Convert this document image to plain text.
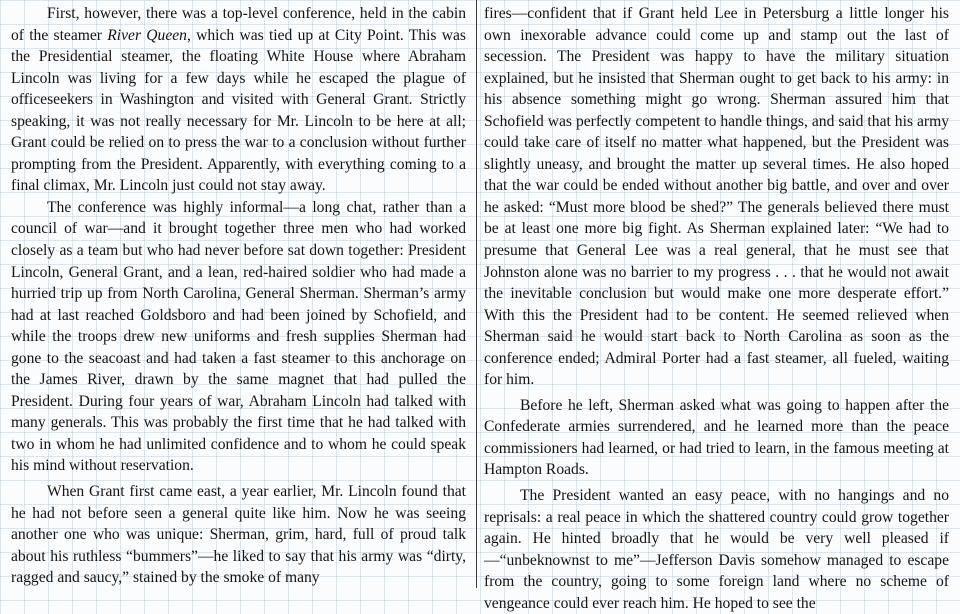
First, however, there was a top-level conference, held in the cabin of the steamer River Queen, which was tied up at City Point. This was the Presidential steamer, the floating White House where Abraham Lincoln was living for a few days while he escaped the plague of officeseekers in Washington and visited with General Grant. Strictly speaking, it was not really necessary for Mr. Lincoln to be here at all; Grant could be relied on to press the war to a conclusion without further prompting from the President. Apparently, with everything coming to a final climax, Mr. Lincoln just could not stay away.

The conference was highly informal—a long chat, rather than a council of war—and it brought together three men who had worked closely as a team but who had never before sat down together: President Lincoln, General Grant, and a lean, red-haired soldier who had made a hurried trip up from North Carolina, General Sherman. Sherman’s army had at last reached Goldsboro and had been joined by Schofield, and while the troops drew new uniforms and fresh supplies Sherman had gone to the seacoast and had taken a fast steamer to this anchorage on the James River, drawn by the same magnet that had pulled the President. During four years of war, Abraham Lincoln had talked with many generals. This was probably the first time that he had talked with two in whom he had unlimited confidence and to whom he could speak his mind without reservation.

When Grant first came east, a year earlier, Mr. Lincoln found that he had not before seen a general quite like him. Now he was seeing another one who was unique: Sherman, grim, hard, full of proud talk about his ruthless “bummers”—he liked to say that his army was “dirty, ragged and saucy,” stained by the smoke of many

fires—confident that if Grant held Lee in Petersburg a little longer his own inexorable advance could come up and stamp out the last of secession. The President was happy to have the military situation explained, but he insisted that Sherman ought to get back to his army: in his absence something might go wrong. Sherman assured him that Schofield was perfectly competent to handle things, and said that his army could take care of itself no matter what happened, but the President was slightly uneasy, and brought the matter up several times. He also hoped that the war could be ended without another big battle, and over and over he asked: “Must more blood be shed?” The generals believed there must be at least one more big fight. As Sherman explained later: “We had to presume that General Lee was a real general, that he must see that Johnston alone was no barrier to my progress . . . that he would not await the inevitable conclusion but would make one more desperate effort.” With this the President had to be content. He seemed relieved when Sherman said he would start back to North Carolina as soon as the conference ended; Admiral Porter had a fast steamer, all fueled, waiting for him.

Before he left, Sherman asked what was going to happen after the Confederate armies surrendered, and he learned more than the peace commissioners had learned, or had tried to learn, in the famous meeting at Hampton Roads.

The President wanted an easy peace, with no hangings and no reprisals: a real peace in which the shattered country could grow together again. He hinted broadly that he would be very well pleased if—“unbeknownst to me”—Jefferson Davis somehow managed to escape from the country, going to some foreign land where no scheme of vengeance could ever reach him. He hoped to see the
